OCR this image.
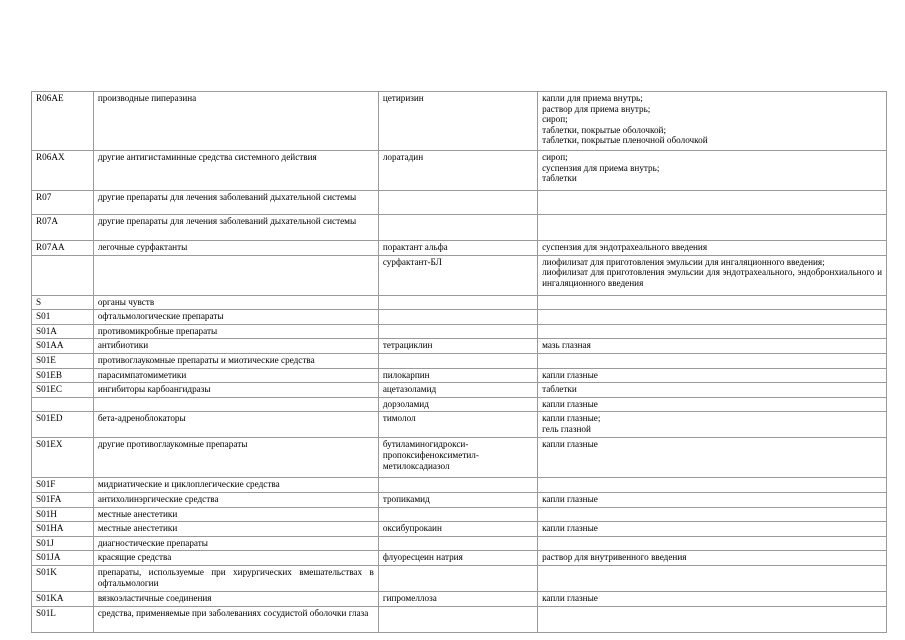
R06AE	производные пиперазина	цетиризин	капли для приема внутрь;
раствор для приема внутрь;
сироп;
таблетки, покрытые оболочкой;
таблетки, покрытые пленочной оболочкой
R06AX	другие антигистаминные средства системного действия	лоратадин	сироп;
суспензия для приема внутрь;
таблетки
R07	другие препараты для лечения заболеваний дыхательной системы		
R07A	другие препараты для лечения заболеваний дыхательной системы		
R07AA	легочные сурфактанты	порактант альфа	суспензия для эндотрахеального введения
		сурфактант-БЛ	лиофилизат для приготовления эмульсии для ингаляционного введения;
лиофилизат для приготовления эмульсии для эндотрахеального, эндобронхиального и ингаляционного введения
S	органы чувств		
S01	офтальмологические препараты		
S01A	противомикробные препараты		
S01AA	антибиотики	тетрациклин	мазь глазная
S01E	противоглаукомные препараты и миотические средства		
S01EB	парасимпатомиметики	пилокарпин	капли глазные
S01EC	ингибиторы карбоангидразы	ацетазоламид	таблетки
		дорзоламид	капли глазные
S01ED	бета-адреноблокаторы	тимолол	капли глазные;
гель глазной
S01EX	другие противоглаукомные препараты	бутиламиногидрокси-
пропоксифеноксиметил-
метилоксадиазол	капли глазные
S01F	мидриатические и циклоплегические средства		
S01FA	антихолинэргические средства	тропикамид	капли глазные
S01H	местные анестетики		
S01HA	местные анестетики	оксибупрокаин	капли глазные
S01J	диагностические препараты		
S01JA	красящие средства	флуоресцеин натрия	раствор для внутривенного введения
S01K	препараты, используемые при хирургических вмешательствах в офтальмологии		
S01KA	вязкоэластичные соединения	гипромеллоза	капли глазные
S01L	средства, применяемые при заболеваниях сосудистой оболочки глаза		
